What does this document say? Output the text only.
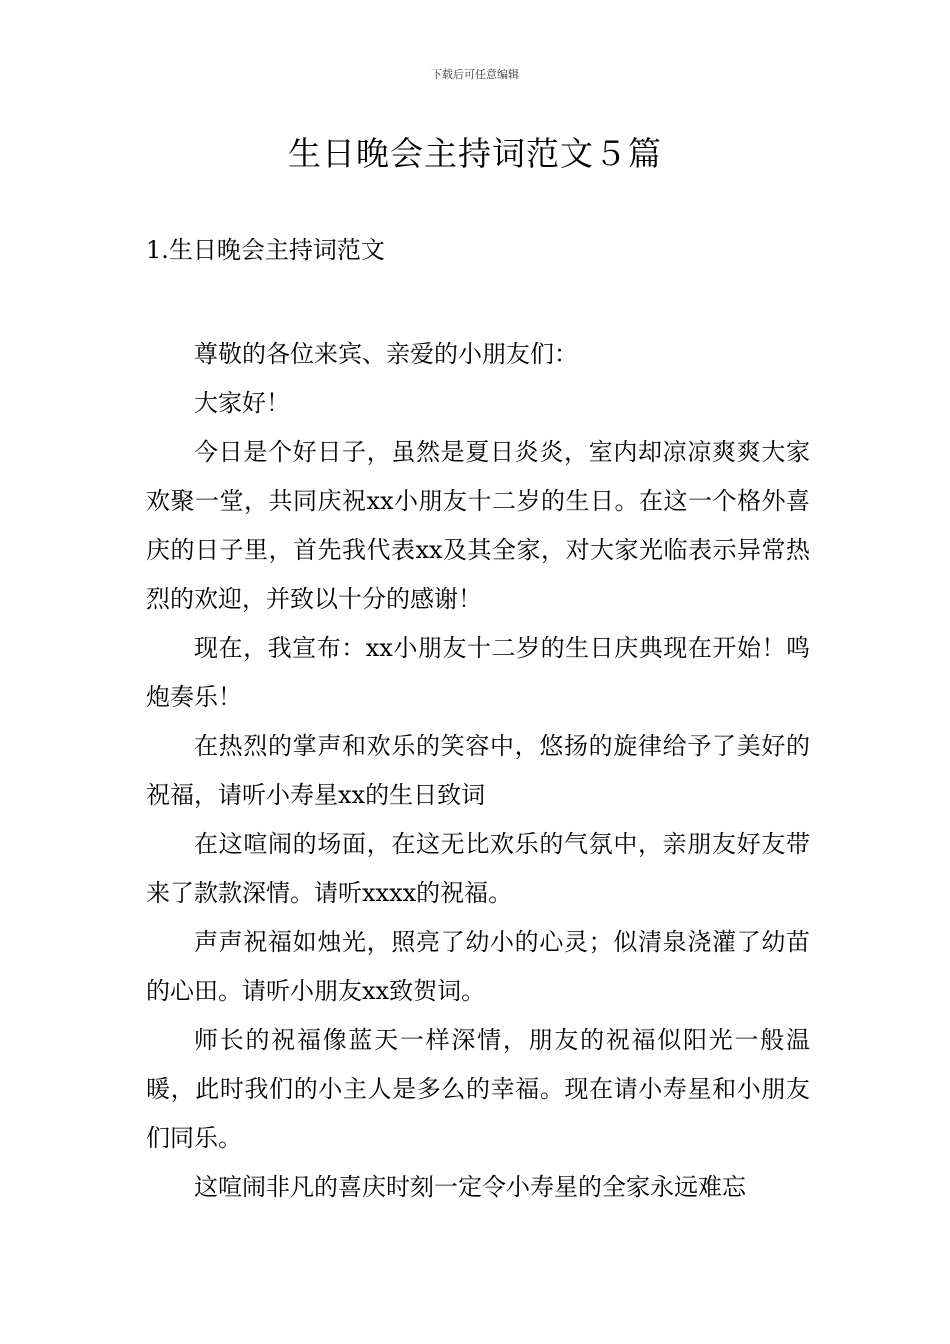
下载后可任意编辑
生日晚会主持词范文５篇
1.生日晚会主持词范文

尊敬的各位来宾、亲爱的小朋友们：

大家好！

今日是个好日子，虽然是夏日炎炎，室内却凉凉爽爽大家欢聚一堂，共同庆祝xx小朋友十二岁的生日。在这一个格外喜庆的日子里，首先我代表xx及其全家，对大家光临表示异常热烈的欢迎，并致以十分的感谢！

现在，我宣布：xx小朋友十二岁的生日庆典现在开始！鸣炮奏乐！

在热烈的掌声和欢乐的笑容中，悠扬的旋律给予了美好的祝福，请听小寿星xx的生日致词

在这喧闹的场面，在这无比欢乐的气氛中，亲朋友好友带来了款款深情。请听xxxx的祝福。

声声祝福如烛光，照亮了幼小的心灵；似清泉浇灌了幼苗的心田。请听小朋友xx致贺词。

师长的祝福像蓝天一样深情，朋友的祝福似阳光一般温暖，此时我们的小主人是多么的幸福。现在请小寿星和小朋友们同乐。

这喧闹非凡的喜庆时刻一定令小寿星的全家永远难忘
